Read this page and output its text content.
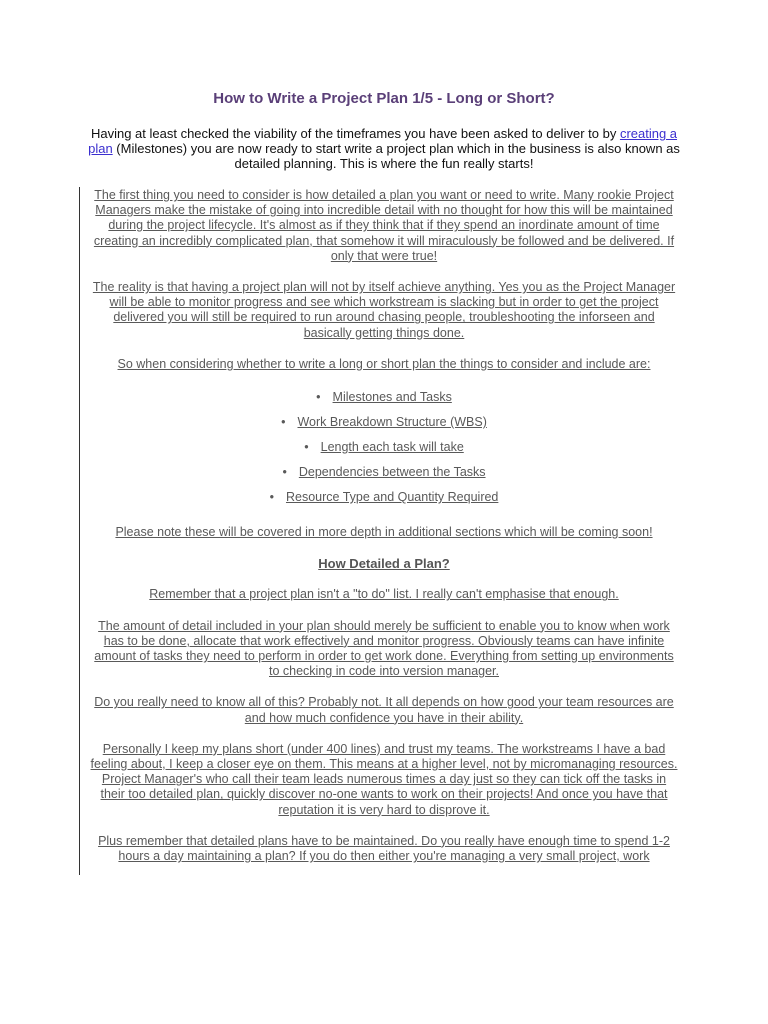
How to Write a Project Plan 1/5 - Long or Short?

Having at least checked the viability of the timeframes you have been asked to deliver to by creating a plan (Milestones) you are now ready to start write a project plan which in the business is also known as detailed planning. This is where the fun really starts!

The first thing you need to consider is how detailed a plan you want or need to write. Many rookie Project Managers make the mistake of going into incredible detail with no thought for how this will be maintained during the project lifecycle. It's almost as if they think that if they spend an inordinate amount of time creating an incredibly complicated plan, that somehow it will miraculously be followed and be delivered. If only that were true!

The reality is that having a project plan will not by itself achieve anything. Yes you as the Project Manager will be able to monitor progress and see which workstream is slacking but in order to get the project delivered you will still be required to run around chasing people, troubleshooting the inforseen and basically getting things done.

So when considering whether to write a long or short plan the things to consider and include are:

• Milestones and Tasks
• Work Breakdown Structure (WBS)
• Length each task will take
• Dependencies between the Tasks
• Resource Type and Quantity Required

Please note these will be covered in more depth in additional sections which will be coming soon!

How Detailed a Plan?

Remember that a project plan isn't a "to do" list. I really can't emphasise that enough.

The amount of detail included in your plan should merely be sufficient to enable you to know when work has to be done, allocate that work effectively and monitor progress. Obviously teams can have infinite amount of tasks they need to perform in order to get work done. Everything from setting up environments to checking in code into version manager.

Do you really need to know all of this? Probably not. It all depends on how good your team resources are and how much confidence you have in their ability.

Personally I keep my plans short (under 400 lines) and trust my teams. The workstreams I have a bad feeling about, I keep a closer eye on them. This means at a higher level, not by micromanaging resources. Project Manager's who call their team leads numerous times a day just so they can tick off the tasks in their too detailed plan, quickly discover no-one wants to work on their projects! And once you have that reputation it is very hard to disprove it.

Plus remember that detailed plans have to be maintained. Do you really have enough time to spend 1-2 hours a day maintaining a plan? If you do then either you're managing a very small project, work
